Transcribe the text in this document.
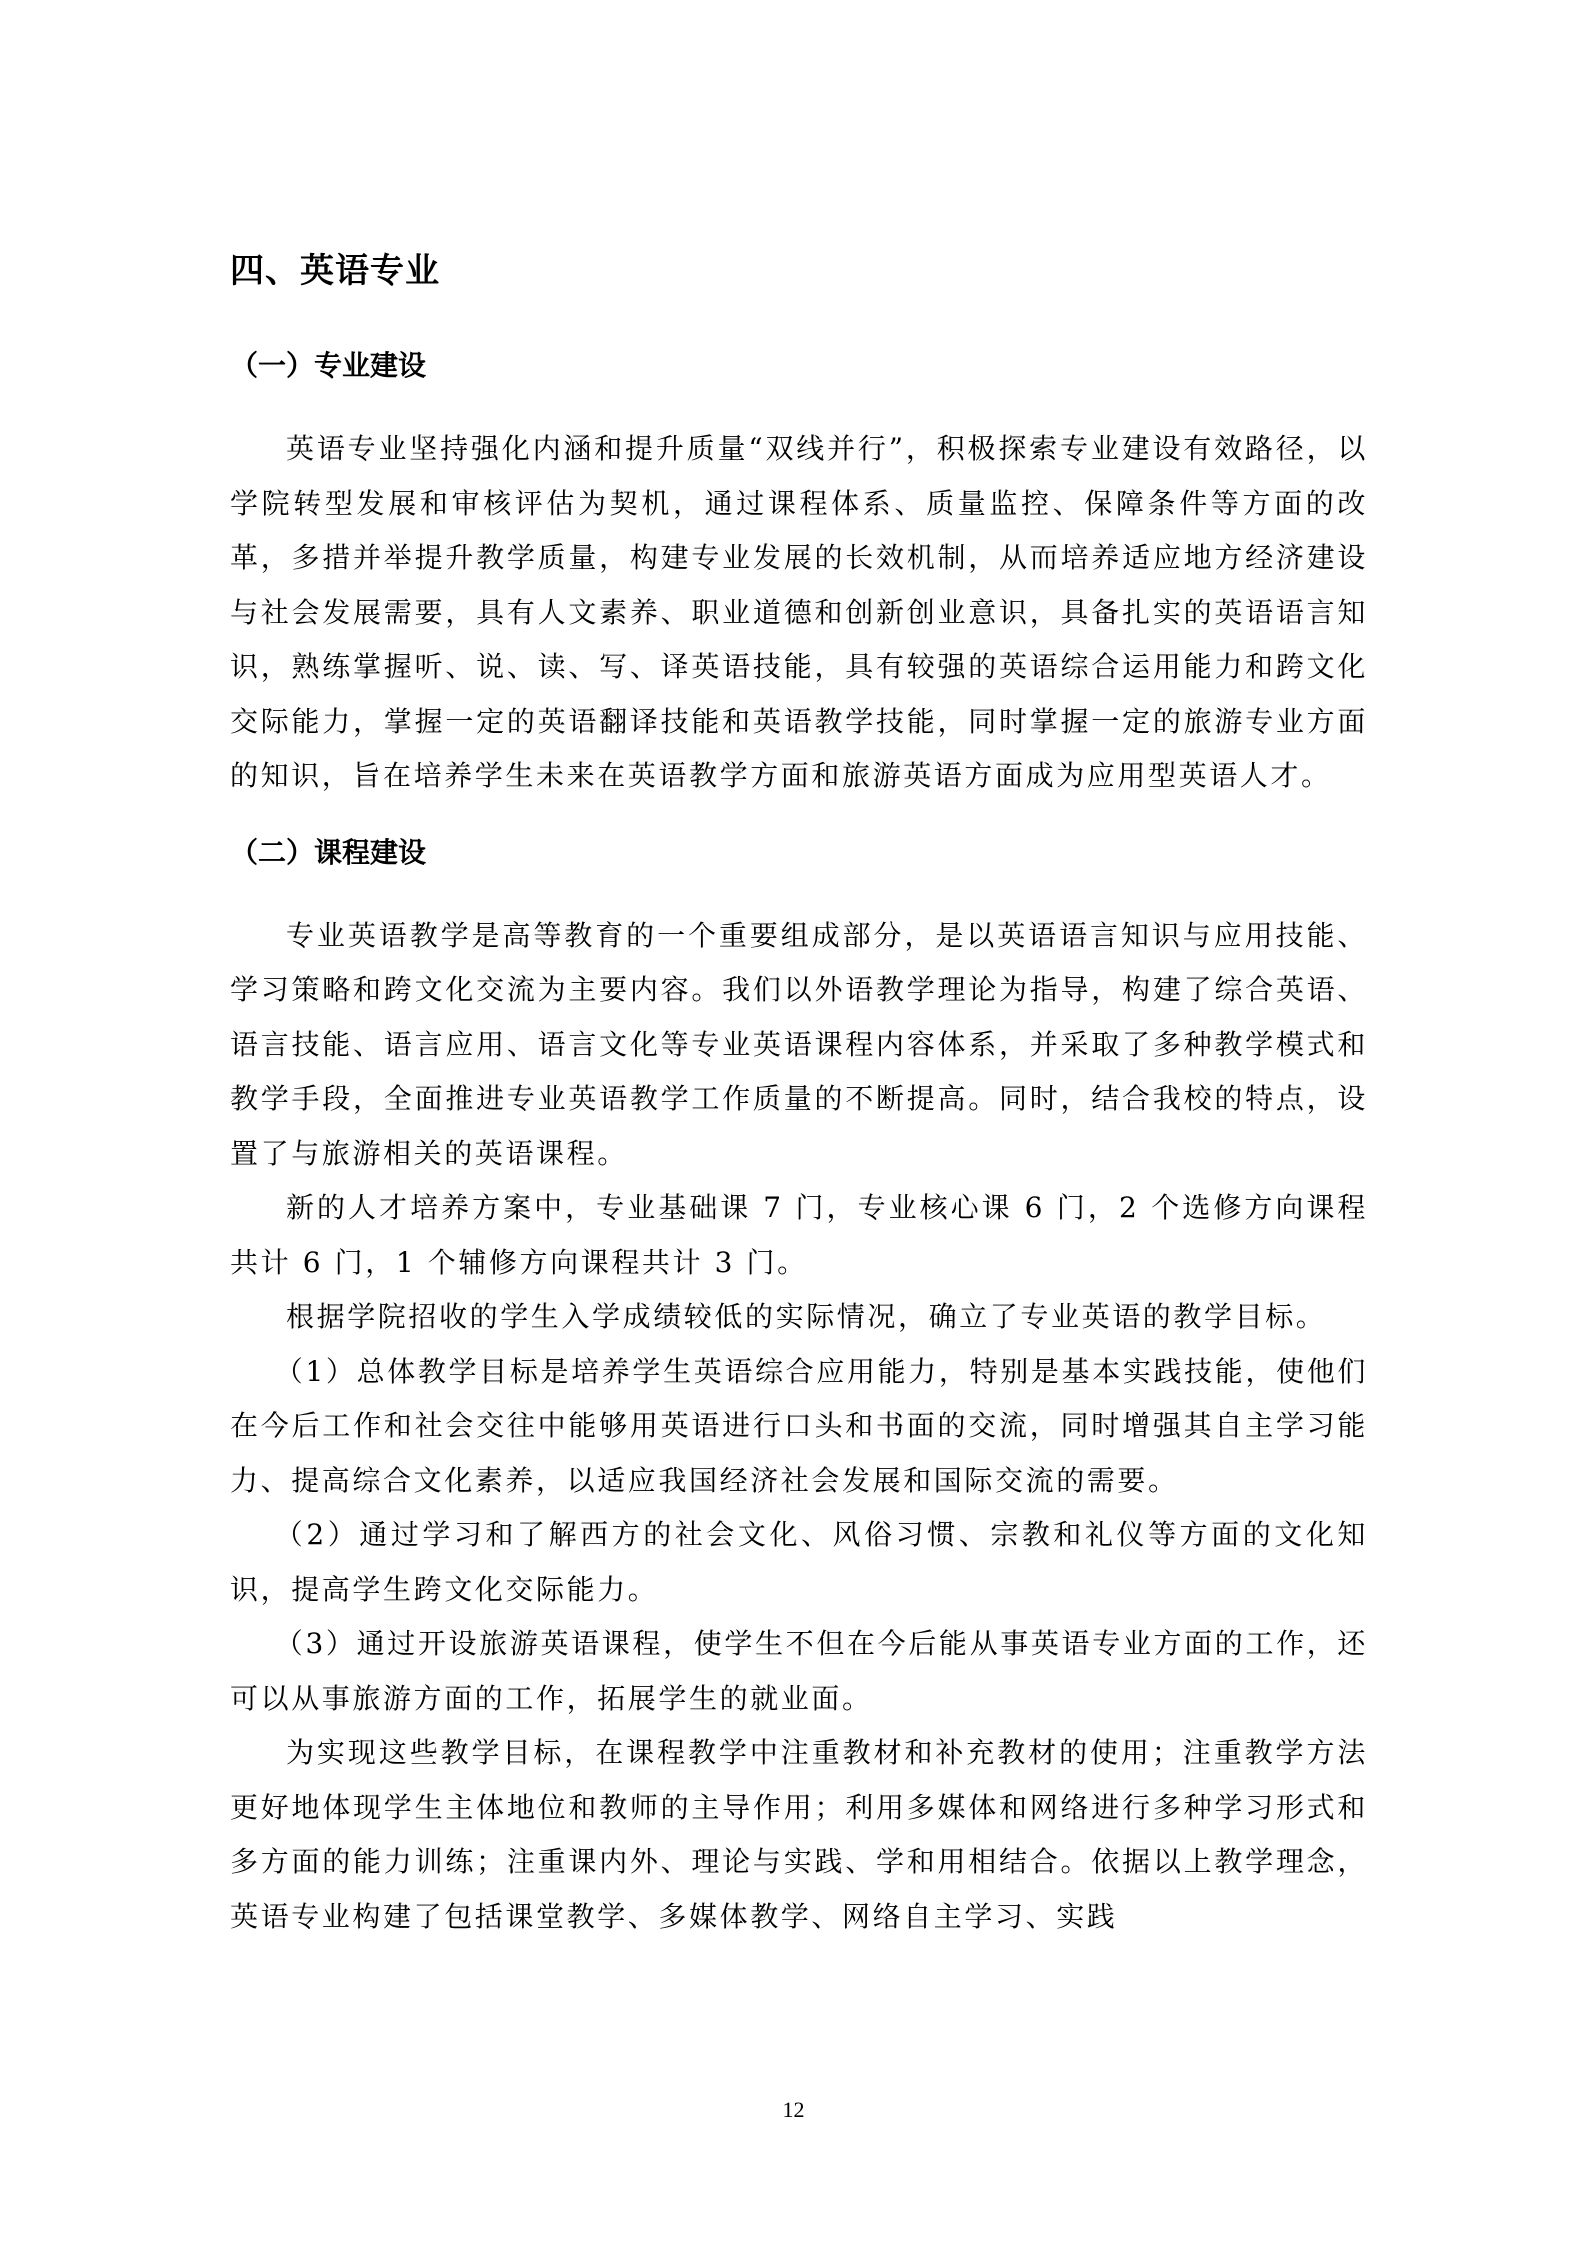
四、英语专业
（一）专业建设

英语专业坚持强化内涵和提升质量“双线并行”，积极探索专业建设有效路径，以学院转型发展和审核评估为契机，通过课程体系、质量监控、保障条件等方面的改革，多措并举提升教学质量，构建专业发展的长效机制，从而培养适应地方经济建设与社会发展需要，具有人文素养、职业道德和创新创业意识，具备扎实的英语语言知识，熟练掌握听、说、读、写、译英语技能，具有较强的英语综合运用能力和跨文化交际能力，掌握一定的英语翻译技能和英语教学技能，同时掌握一定的旅游专业方面的知识，旨在培养学生未来在英语教学方面和旅游英语方面成为应用型英语人才。

（二）课程建设

专业英语教学是高等教育的一个重要组成部分，是以英语语言知识与应用技能、学习策略和跨文化交流为主要内容。我们以外语教学理论为指导，构建了综合英语、语言技能、语言应用、语言文化等专业英语课程内容体系，并采取了多种教学模式和教学手段，全面推进专业英语教学工作质量的不断提高。同时，结合我校的特点，设置了与旅游相关的英语课程。

新的人才培养方案中，专业基础课 7 门，专业核心课 6 门，2 个选修方向课程共计 6 门，1 个辅修方向课程共计 3 门。

根据学院招收的学生入学成绩较低的实际情况，确立了专业英语的教学目标。

（1）总体教学目标是培养学生英语综合应用能力，特别是基本实践技能，使他们在今后工作和社会交往中能够用英语进行口头和书面的交流，同时增强其自主学习能力、提高综合文化素养，以适应我国经济社会发展和国际交流的需要。

（2）通过学习和了解西方的社会文化、风俗习惯、宗教和礼仪等方面的文化知识，提高学生跨文化交际能力。

（3）通过开设旅游英语课程，使学生不但在今后能从事英语专业方面的工作，还可以从事旅游方面的工作，拓展学生的就业面。

为实现这些教学目标，在课程教学中注重教材和补充教材的使用；注重教学方法更好地体现学生主体地位和教师的主导作用；利用多媒体和网络进行多种学习形式和多方面的能力训练；注重课内外、理论与实践、学和用相结合。依据以上教学理念，英语专业构建了包括课堂教学、多媒体教学、网络自主学习、实践

12
